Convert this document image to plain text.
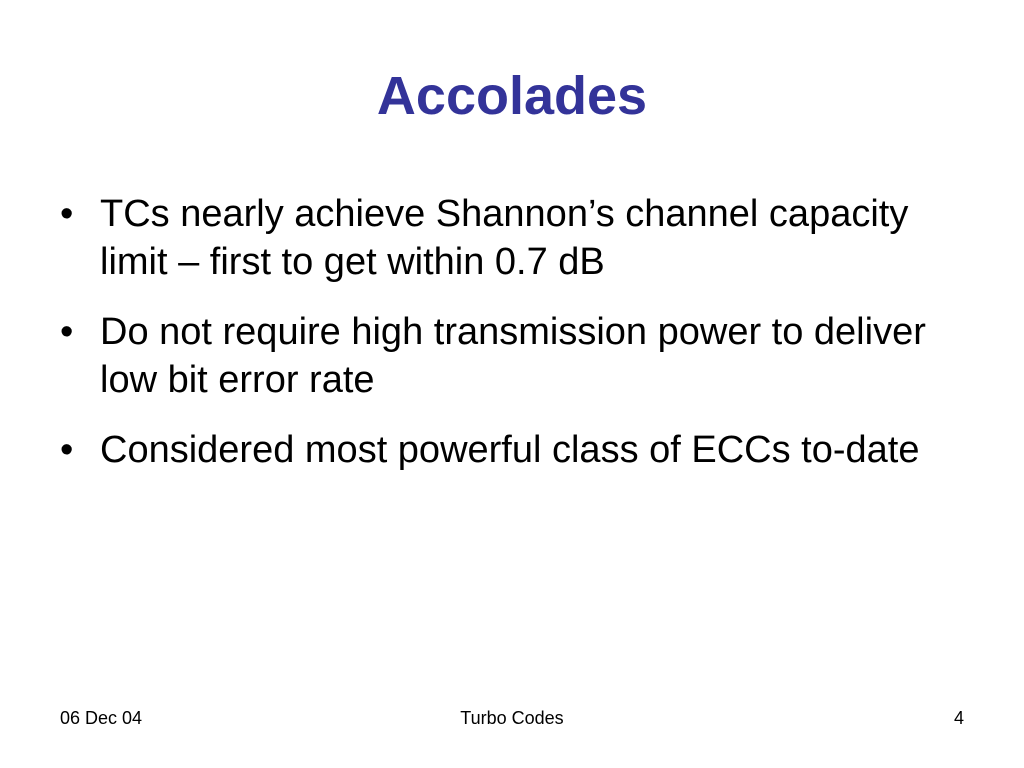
Accolades
• TCs nearly achieve Shannon’s channel capacity limit – first to get within 0.7 dB
• Do not require high transmission power to deliver low bit error rate
• Considered most powerful class of ECCs to-date
06 Dec 04	Turbo Codes	4
